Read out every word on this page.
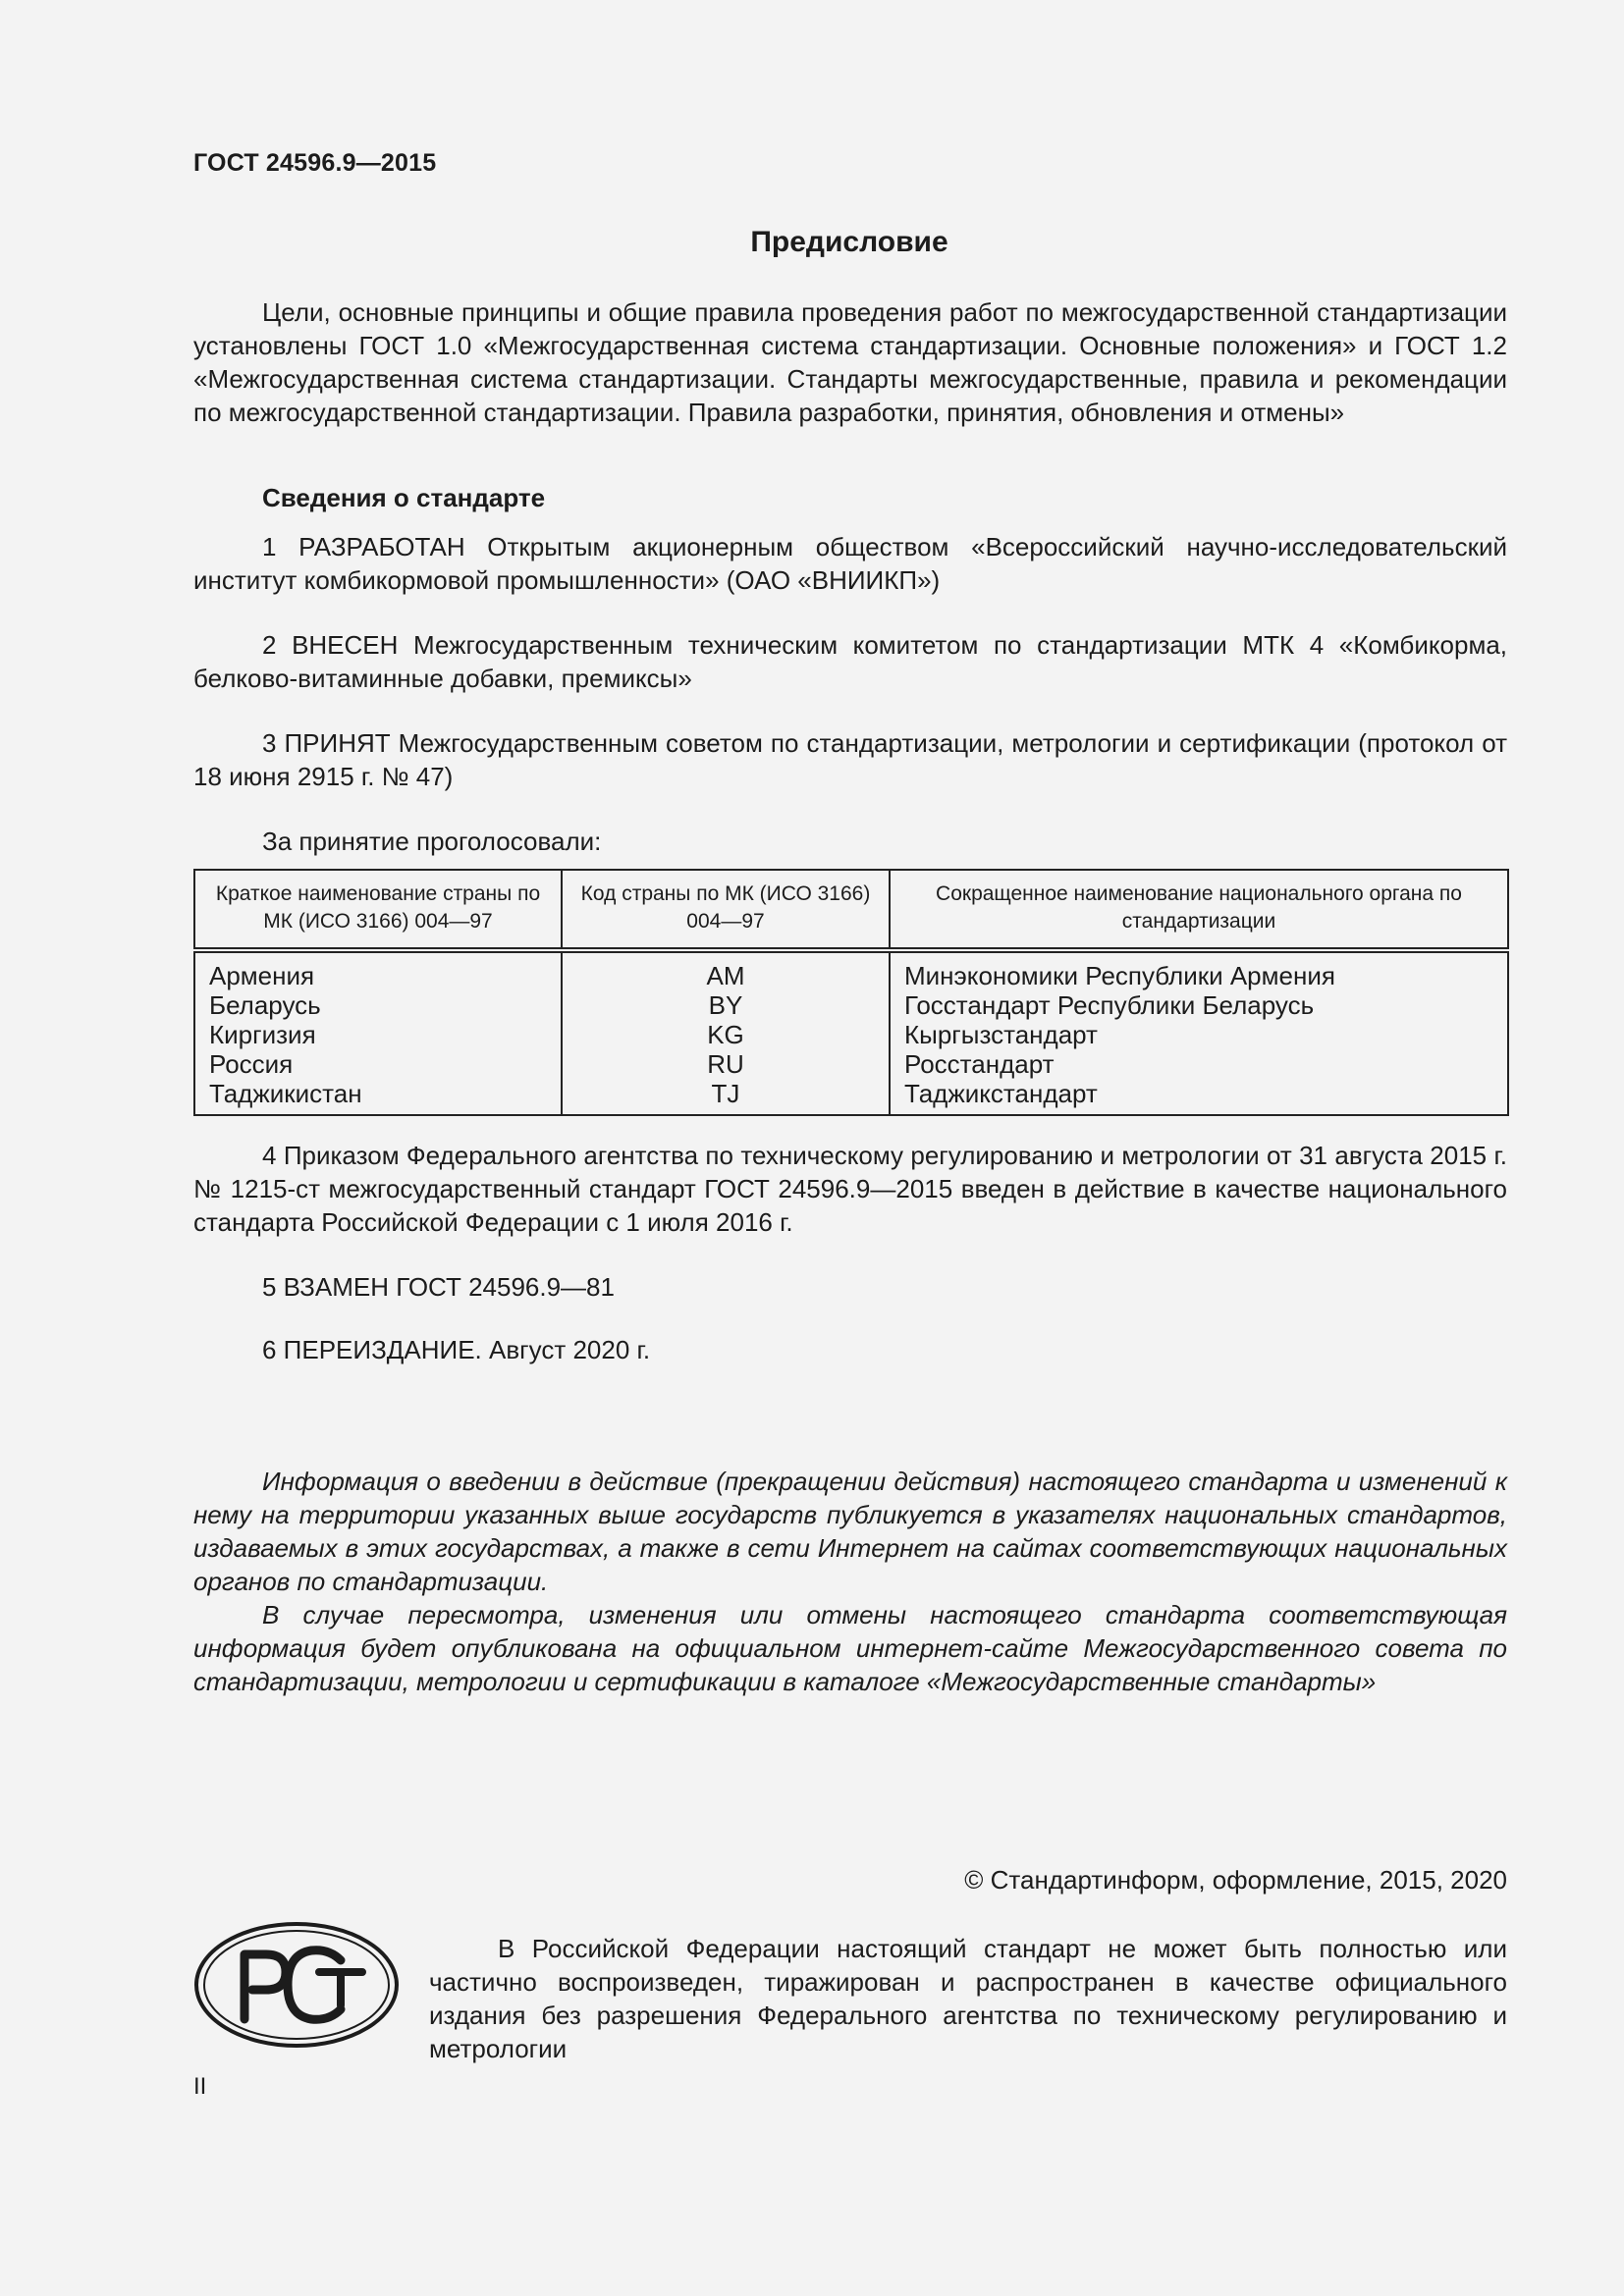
ГОСТ 24596.9—2015
Предисловие
Цели, основные принципы и общие правила проведения работ по межгосударственной стандартизации установлены ГОСТ 1.0 «Межгосударственная система стандартизации. Основные положения» и ГОСТ 1.2 «Межгосударственная система стандартизации. Стандарты межгосударственные, правила и рекомендации по межгосударственной стандартизации. Правила разработки, принятия, обновления и отмены»
Сведения о стандарте
1 РАЗРАБОТАН Открытым акционерным обществом «Всероссийский научно-исследовательский институт комбикормовой промышленности» (ОАО «ВНИИКП»)
2 ВНЕСЕН Межгосударственным техническим комитетом по стандартизации МТК 4 «Комбикорма, белково-витаминные добавки, премиксы»
3 ПРИНЯТ Межгосударственным советом по стандартизации, метрологии и сертификации (протокол от 18 июня 2915 г. № 47)
За принятие проголосовали:
Краткое наименование страны по МК (ИСО 3166) 004—97	Код страны по МК (ИСО 3166) 004—97	Сокращенное наименование национального органа по стандартизации
Армения	AM	Минэкономики Республики Армения
Беларусь	BY	Госстандарт Республики Беларусь
Киргизия	KG	Кыргызстандарт
Россия	RU	Росстандарт
Таджикистан	TJ	Таджикстандарт
4 Приказом Федерального агентства по техническому регулированию и метрологии от 31 августа 2015 г. № 1215-ст межгосударственный стандарт ГОСТ 24596.9—2015 введен в действие в качестве национального стандарта Российской Федерации с 1 июля 2016 г.
5 ВЗАМЕН ГОСТ 24596.9—81
6 ПЕРЕИЗДАНИЕ. Август 2020 г.
Информация о введении в действие (прекращении действия) настоящего стандарта и изменений к нему на территории указанных выше государств публикуется в указателях национальных стандартов, издаваемых в этих государствах, а также в сети Интернет на сайтах соответствующих национальных органов по стандартизации.
В случае пересмотра, изменения или отмены настоящего стандарта соответствующая информация будет опубликована на официальном интернет-сайте Межгосударственного совета по стандартизации, метрологии и сертификации в каталоге «Межгосударственные стандарты»
© Стандартинформ, оформление, 2015, 2020
В Российской Федерации настоящий стандарт не может быть полностью или частично воспроизведен, тиражирован и распространен в качестве официального издания без разрешения Федерального агентства по техническому регулированию и метрологии
II
